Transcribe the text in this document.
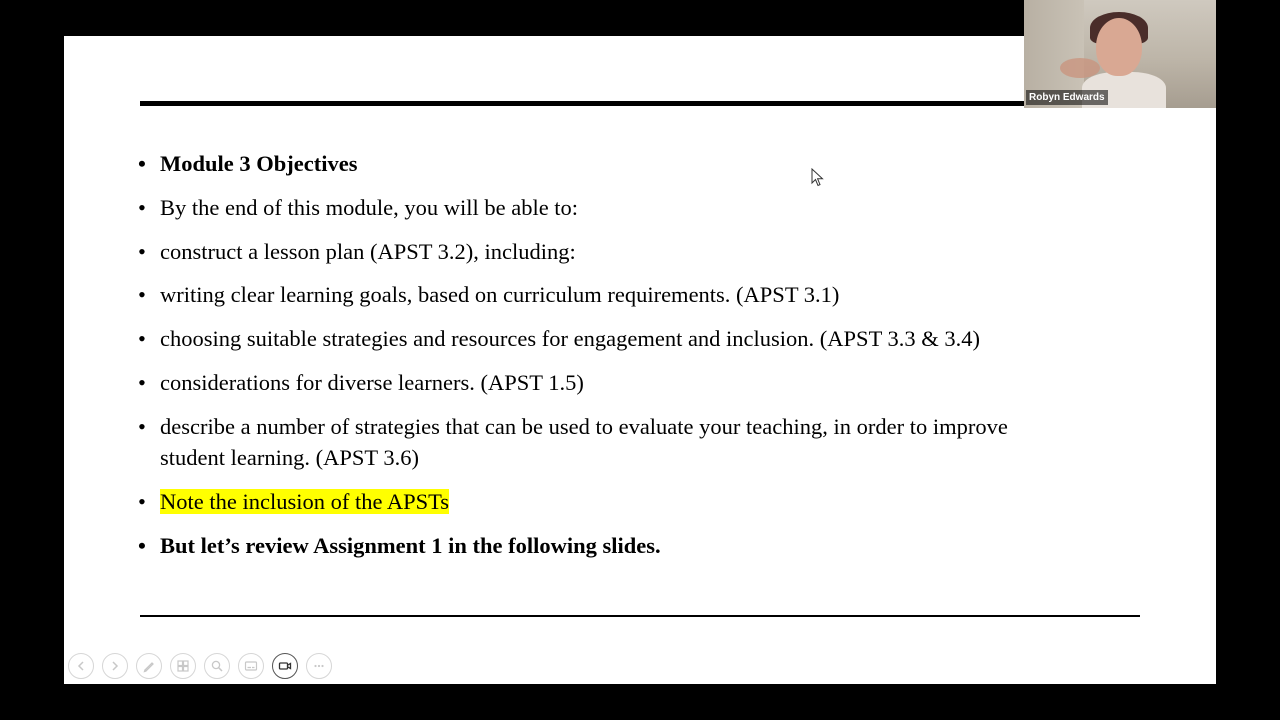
• Module 3 Objectives
• By the end of this module, you will be able to:
• construct a lesson plan (APST 3.2), including:
• writing clear learning goals, based on curriculum requirements. (APST 3.1)
• choosing suitable strategies and resources for engagement and inclusion. (APST 3.3 & 3.4)
• considerations for diverse learners. (APST 1.5)
• describe a number of strategies that can be used to evaluate your teaching, in order to improve student learning. (APST 3.6)
• Note the inclusion of the APSTs
• But let’s review Assignment 1 in the following slides.
Robyn Edwards
